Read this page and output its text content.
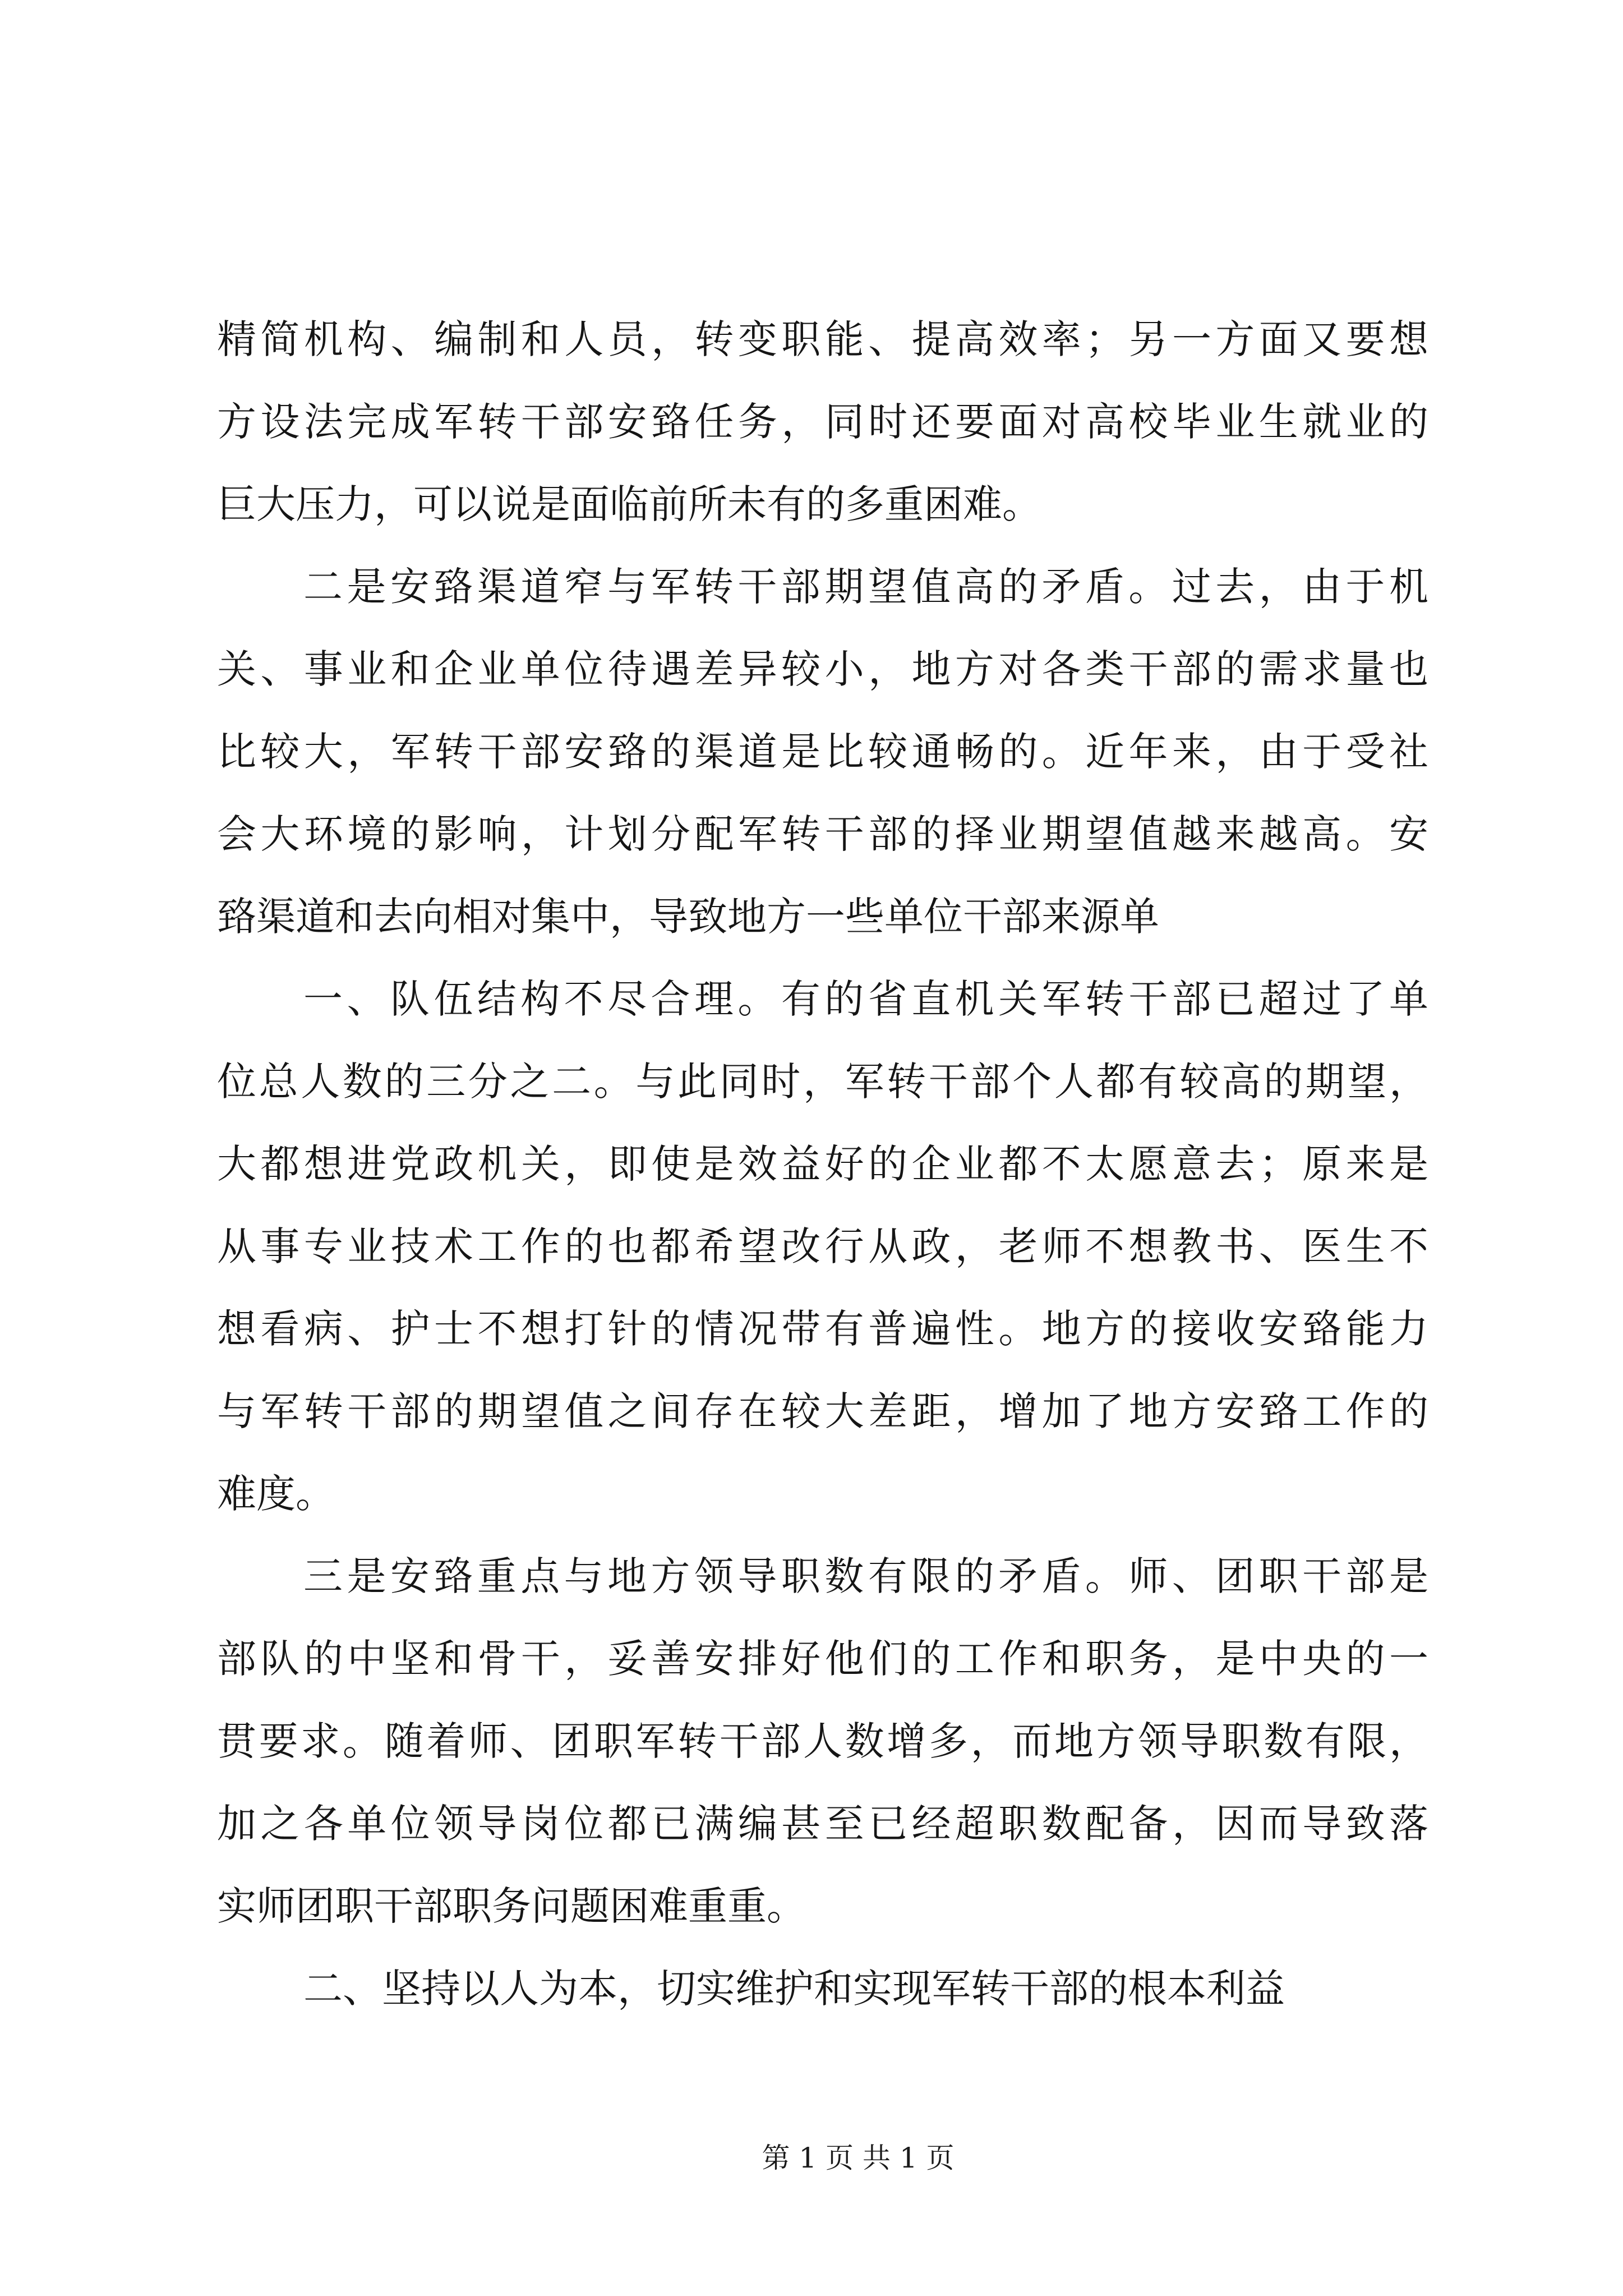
精简机构、编制和人员，转变职能、提高效率；另一方面又要想
方设法完成军转干部安臵任务，同时还要面对高校毕业生就业的
巨大压力，可以说是面临前所未有的多重困难。
二是安臵渠道窄与军转干部期望值高的矛盾。过去，由于机
关、事业和企业单位待遇差异较小，地方对各类干部的需求量也
比较大，军转干部安臵的渠道是比较通畅的。近年来，由于受社
会大环境的影响，计划分配军转干部的择业期望值越来越高。安
臵渠道和去向相对集中，导致地方一些单位干部来源单
一、队伍结构不尽合理。有的省直机关军转干部已超过了单
位总人数的三分之二。与此同时，军转干部个人都有较高的期望，
大都想进党政机关，即使是效益好的企业都不太愿意去；原来是
从事专业技术工作的也都希望改行从政，老师不想教书、医生不
想看病、护士不想打针的情况带有普遍性。地方的接收安臵能力
与军转干部的期望值之间存在较大差距，增加了地方安臵工作的
难度。
三是安臵重点与地方领导职数有限的矛盾。师、团职干部是
部队的中坚和骨干，妥善安排好他们的工作和职务，是中央的一
贯要求。随着师、团职军转干部人数增多，而地方领导职数有限，
加之各单位领导岗位都已满编甚至已经超职数配备，因而导致落
实师团职干部职务问题困难重重。
二、坚持以人为本，切实维护和实现军转干部的根本利益
第 1 页 共 1 页
